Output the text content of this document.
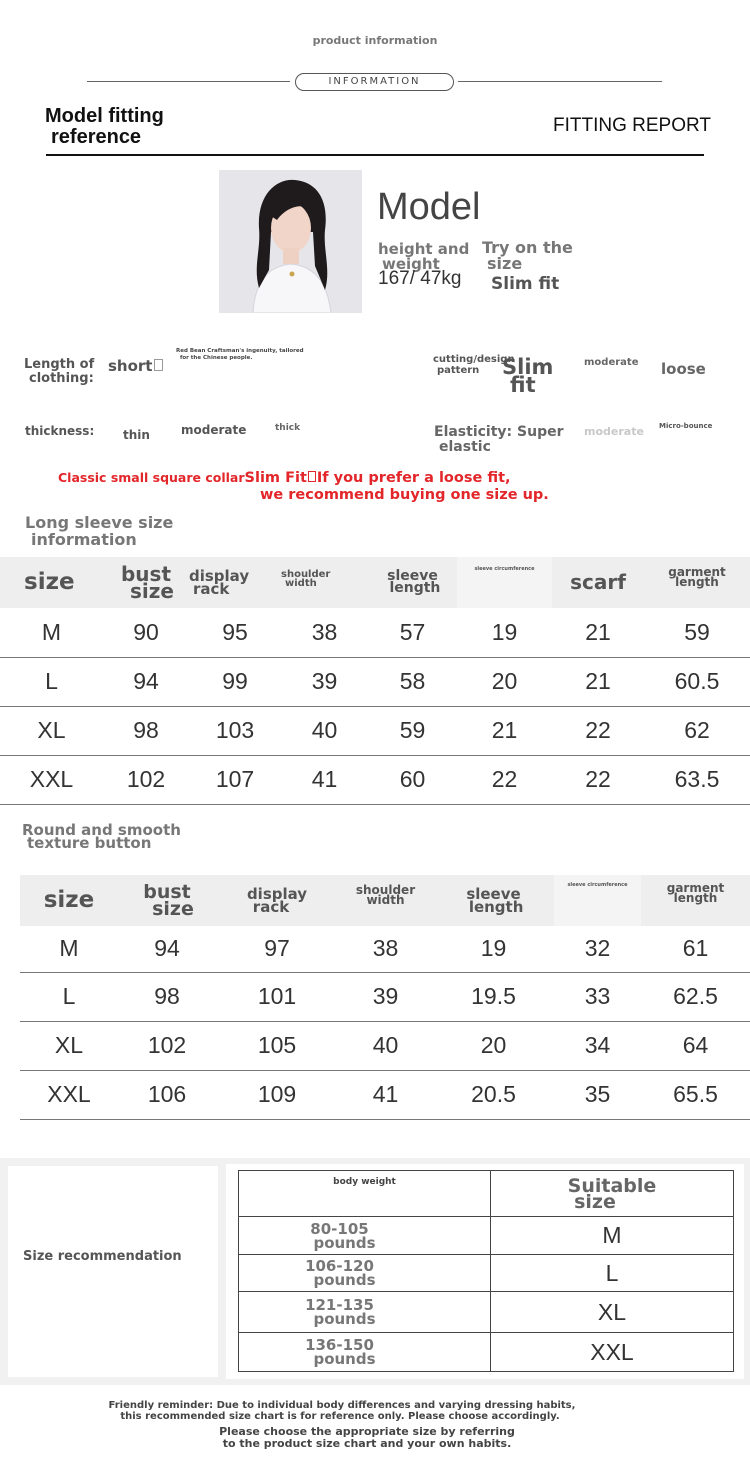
product information
INFORMATION
Model fitting
reference
FITTING REPORT
Model
height and
weight
167/ 47kg
Try on the
size
Slim fit
Length of
clothing:
short
Red Bean Craftsman's ingenuity, tailored
for the Chinese people.	cutting/design
pattern	Slim
fit
moderate loose
thickness: thin	moderate	thick	Elasticity: Super
elastic
moderate Micro-bounce
Classic small square collarSlim Fit If you prefer a loose fit,
we recommend buying one size up.
Long sleeve size
information
size	bust
size	display
rack	shoulder
width	sleeve
length	sleeve circumference	scarf	garment
length
M	90	95	38	57	19	21	59
L	94	99	39	58	20	21	60.5
XL	98	103	40	59	21	22	62
XXL	102	107	41	60	22	22	63.5
Round and smooth
texture button
size	bust
size	display
rack	shoulder
width	sleeve
length	sleeve circumference	garment
length
M	94	97	38	19	32	61
L	98	101	39	19.5	33	62.5
XL	102	105	40	20	34	64
XXL	106	109	41	20.5	35	65.5
Size recommendation
body weight	Suitable
size

80-105
pounds	M

106-120
pounds	L

121-135
pounds	XL

136-150
pounds	XXL
Friendly reminder: Due to individual body differences and varying dressing habits,
this recommended size chart is for reference only. Please choose accordingly.
Please choose the appropriate size by referring
to the product size chart and your own habits.
